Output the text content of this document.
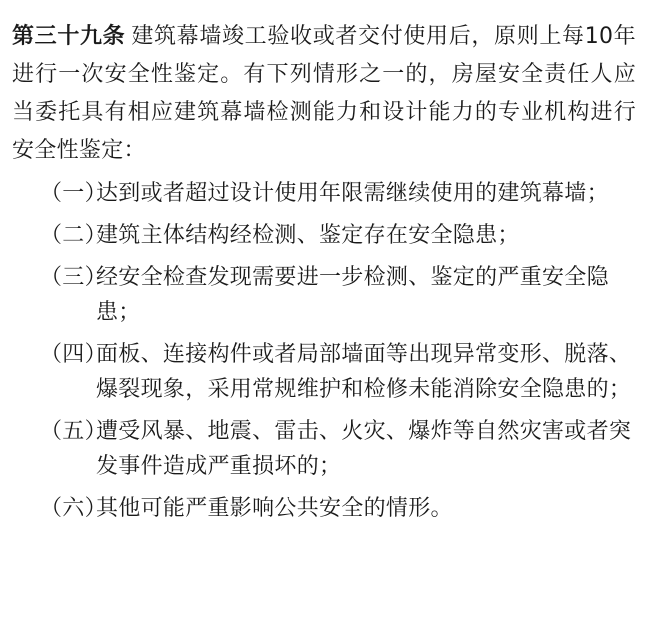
第三十九条 建筑幕墙竣工验收或者交付使用后，原则上每10年进行一次安全性鉴定。有下列情形之一的，房屋安全责任人应当委托具有相应建筑幕墙检测能力和设计能力的专业机构进行安全性鉴定：

（一）
达到或者超过设计使用年限需继续使用的建筑幕墙；
（二）
建筑主体结构经检测、鉴定存在安全隐患；
（三）
经安全检查发现需要进一步检测、鉴定的严重安全隐患；
（四）
面板、连接构件或者局部墙面等出现异常变形、脱落、爆裂现象，采用常规维护和检修未能消除安全隐患的；
（五）
遭受风暴、地震、雷击、火灾、爆炸等自然灾害或者突发事件造成严重损坏的；
（六）
其他可能严重影响公共安全的情形。
